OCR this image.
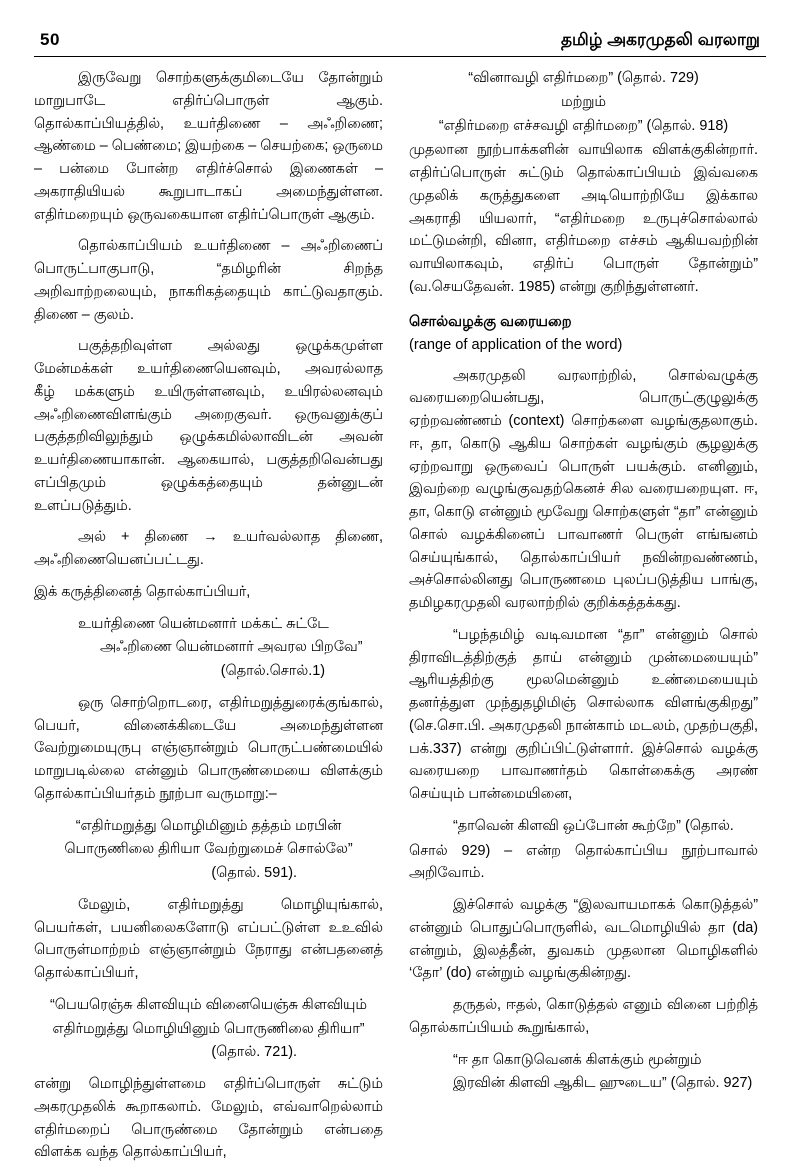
50	தமிழ் அகரமுதலி வரலாறு

இருவேறு சொற்களுக்குமிடையே தோன்றும் மாறுபாடே எதிர்ப்பொருள் ஆகும். தொல்காப்பியத்தில், உயர்திணை – அஃறிணை; ஆண்மை – பெண்மை; இயற்கை – செயற்கை; ஒருமை – பன்மை போன்ற எதிர்ச்சொல் இணைகள் – அகராதியியல் கூறுபாடாகப் அமைந்துள்ளன. எதிர்மறையும் ஒருவகையான எதிர்ப்பொருள் ஆகும்.

தொல்காப்பியம் உயர்திணை – அஃறிணைப் பொருட்பாகுபாடு, “தமிழரின் சிறந்த அறிவாற்றலையும், நாகரிகத்தையும் காட்டுவதாகும். திணை – குலம்.

பகுத்தறிவுள்ள அல்லது ஒழுக்கமுள்ள மேன்மக்கள் உயர்திணையெனவும், அவரல்லாத கீழ் மக்களும் உயிருள்ளனவும், உயிரல்லனவும் அஃறிணைவிளங்கும் அறைகுவர். ஒருவனுக்குப் பகுத்தறிவிலுந்தும் ஒழுக்கமில்லாவிடன் அவன் உயர்திணையாகான். ஆகையால், பகுத்தறிவென்பது எப்பிதமும் ஒழுக்கத்தையும் தன்னுடன் உளப்படுத்தும்.

அல் + திணை → உயர்வல்லாத திணை, அஃறிணையெனப்பட்டது.

இக் கருத்தினைத் தொல்காப்பியர்,

உயர்திணை யென்மனார் மக்கட் சுட்டே

அஃறிணை யென்மனார் அவரல பிறவே”

(தொல்.சொல்.1)

ஒரு சொற்றொடரை, எதிர்மறுத்துரைக்குங்கால், பெயர், வினைக்கிடையே அமைந்துள்ளன வேற்றுமையுருபு எஞ்ஞான்றும் பொருட்பண்மையில் மாறுபடில்லை என்னும் பொருண்மையை விளக்கும் தொல்காப்பியர்தம் நூற்பா வருமாறு:–

“எதிர்மறுத்து மொழிமினும் தத்தம் மரபின்

பொருணிலை திரியா வேற்றுமைச் சொல்லே”

(தொல். 591).

மேலும், எதிர்மறுத்து மொழியுங்கால், பெயர்கள், பயனிலைகளோடு எப்பட்டுள்ள உஉவில் பொருள்மாற்றம் எஞ்ஞான்றும் நேராது என்பதனைத் தொல்காப்பியர்,

“பெயரெஞ்சு கிளவியும் வினையெஞ்சு கிளவியும்

எதிர்மறுத்து மொழியினும் பொருணிலை திரியா”

(தொல். 721).

என்று மொழிந்துள்ளமை எதிர்ப்பொருள் சுட்டும் அகரமுதலிக் கூறாகலாம். மேலும், எவ்வாறெல்லாம் எதிர்மறைப் பொருண்மை தோன்றும் என்பதை விளக்க வந்த தொல்காப்பியர்,

“வினாவழி எதிர்மறை” (தொல். 729)

மற்றும்

“எதிர்மறை எச்சவழி எதிர்மறை” (தொல். 918)

முதலான நூற்பாக்களின் வாயிலாக விளக்குகின்றார். எதிர்ப்பொருள் சுட்டும் தொல்காப்பியம் இவ்வகை முதலிக் கருத்துகளை அடியொற்றியே இக்கால அகராதி யியலார், “எதிர்மறை உருபுச்சொல்லால் மட்டுமன்றி, வினா, எதிர்மறை எச்சம் ஆகியவற்றின் வாயிலாகவும், எதிர்ப் பொருள் தோன்றும்” (வ.செயதேவன். 1985) என்று குறிந்துள்ளனர்.

சொல்வழக்கு வரையறை
(range of application of the word)

அகரமுதலி வரலாற்றில், சொல்வழுக்கு வரையறையென்பது, பொருட்குழுலுக்கு ஏற்றவண்ணம் (context) சொற்களை வழங்குதலாகும். ஈ, தா, கொடு ஆகிய சொற்கள் வழங்கும் சூழலுக்கு ஏற்றவாறு ஒருவைப் பொருள் பயக்கும். எனினும், இவற்றை வழுங்குவதற்கெனச் சில வரையறையுள. ஈ, தா, கொடு என்னும் மூவேறு சொற்களுள் “தா” என்னும் சொல் வழக்கினைப் பாவாணர் பெருள் எங்ஙனம் செய்யுங்கால், தொல்காப்பியர் நவின்றவண்ணம், அச்சொல்லினது பொருணமை புலப்படுத்திய பாங்கு, தமிழகரமுதலி வரலாற்றில் குறிக்கத்தக்கது.

“பழந்தமிழ் வடிவமான “தா” என்னும் சொல் திராவிடத்திற்குத் தாய் என்னும் முன்மையையும்” ஆரியத்திற்கு மூலமென்னும் உண்மையையும் தனர்த்துள முந்துதழிமிஞ் சொல்லாக விளங்குகிறது” (செ.சொ.பி. அகரமுதலி நான்காம் மடலம், முதற்பகுதி, பக்.337) என்று குறிப்பிட்டுள்ளார். இச்சொல் வழக்கு வரையறை பாவாணர்தம் கொள்கைக்கு அரண் செய்யும் பான்மையினை,

“தாவென் கிளவி ஒப்போன் கூற்றே” (தொல்.

சொல் 929) – என்ற தொல்காப்பிய நூற்பாவால் அறிவோம்.

இச்சொல் வழக்கு “இலவாயமாகக் கொடுத்தல்” என்னும் பொதுப்பொருளில், வடமொழியில் தா (da) என்றும், இலத்தீன், துவகம் முதலான மொழிகளில் ‘தோ’ (do) என்றும் வழங்குகின்றது.

தருதல், ஈதல், கொடுத்தல் எனும் வினை பற்றித் தொல்காப்பியம் கூறுங்கால்,

“ஈ தா கொடுவெனக் கிளக்கும் மூன்றும்

இரவின் கிளவி ஆகிட ஹுடைய” (தொல். 927)
